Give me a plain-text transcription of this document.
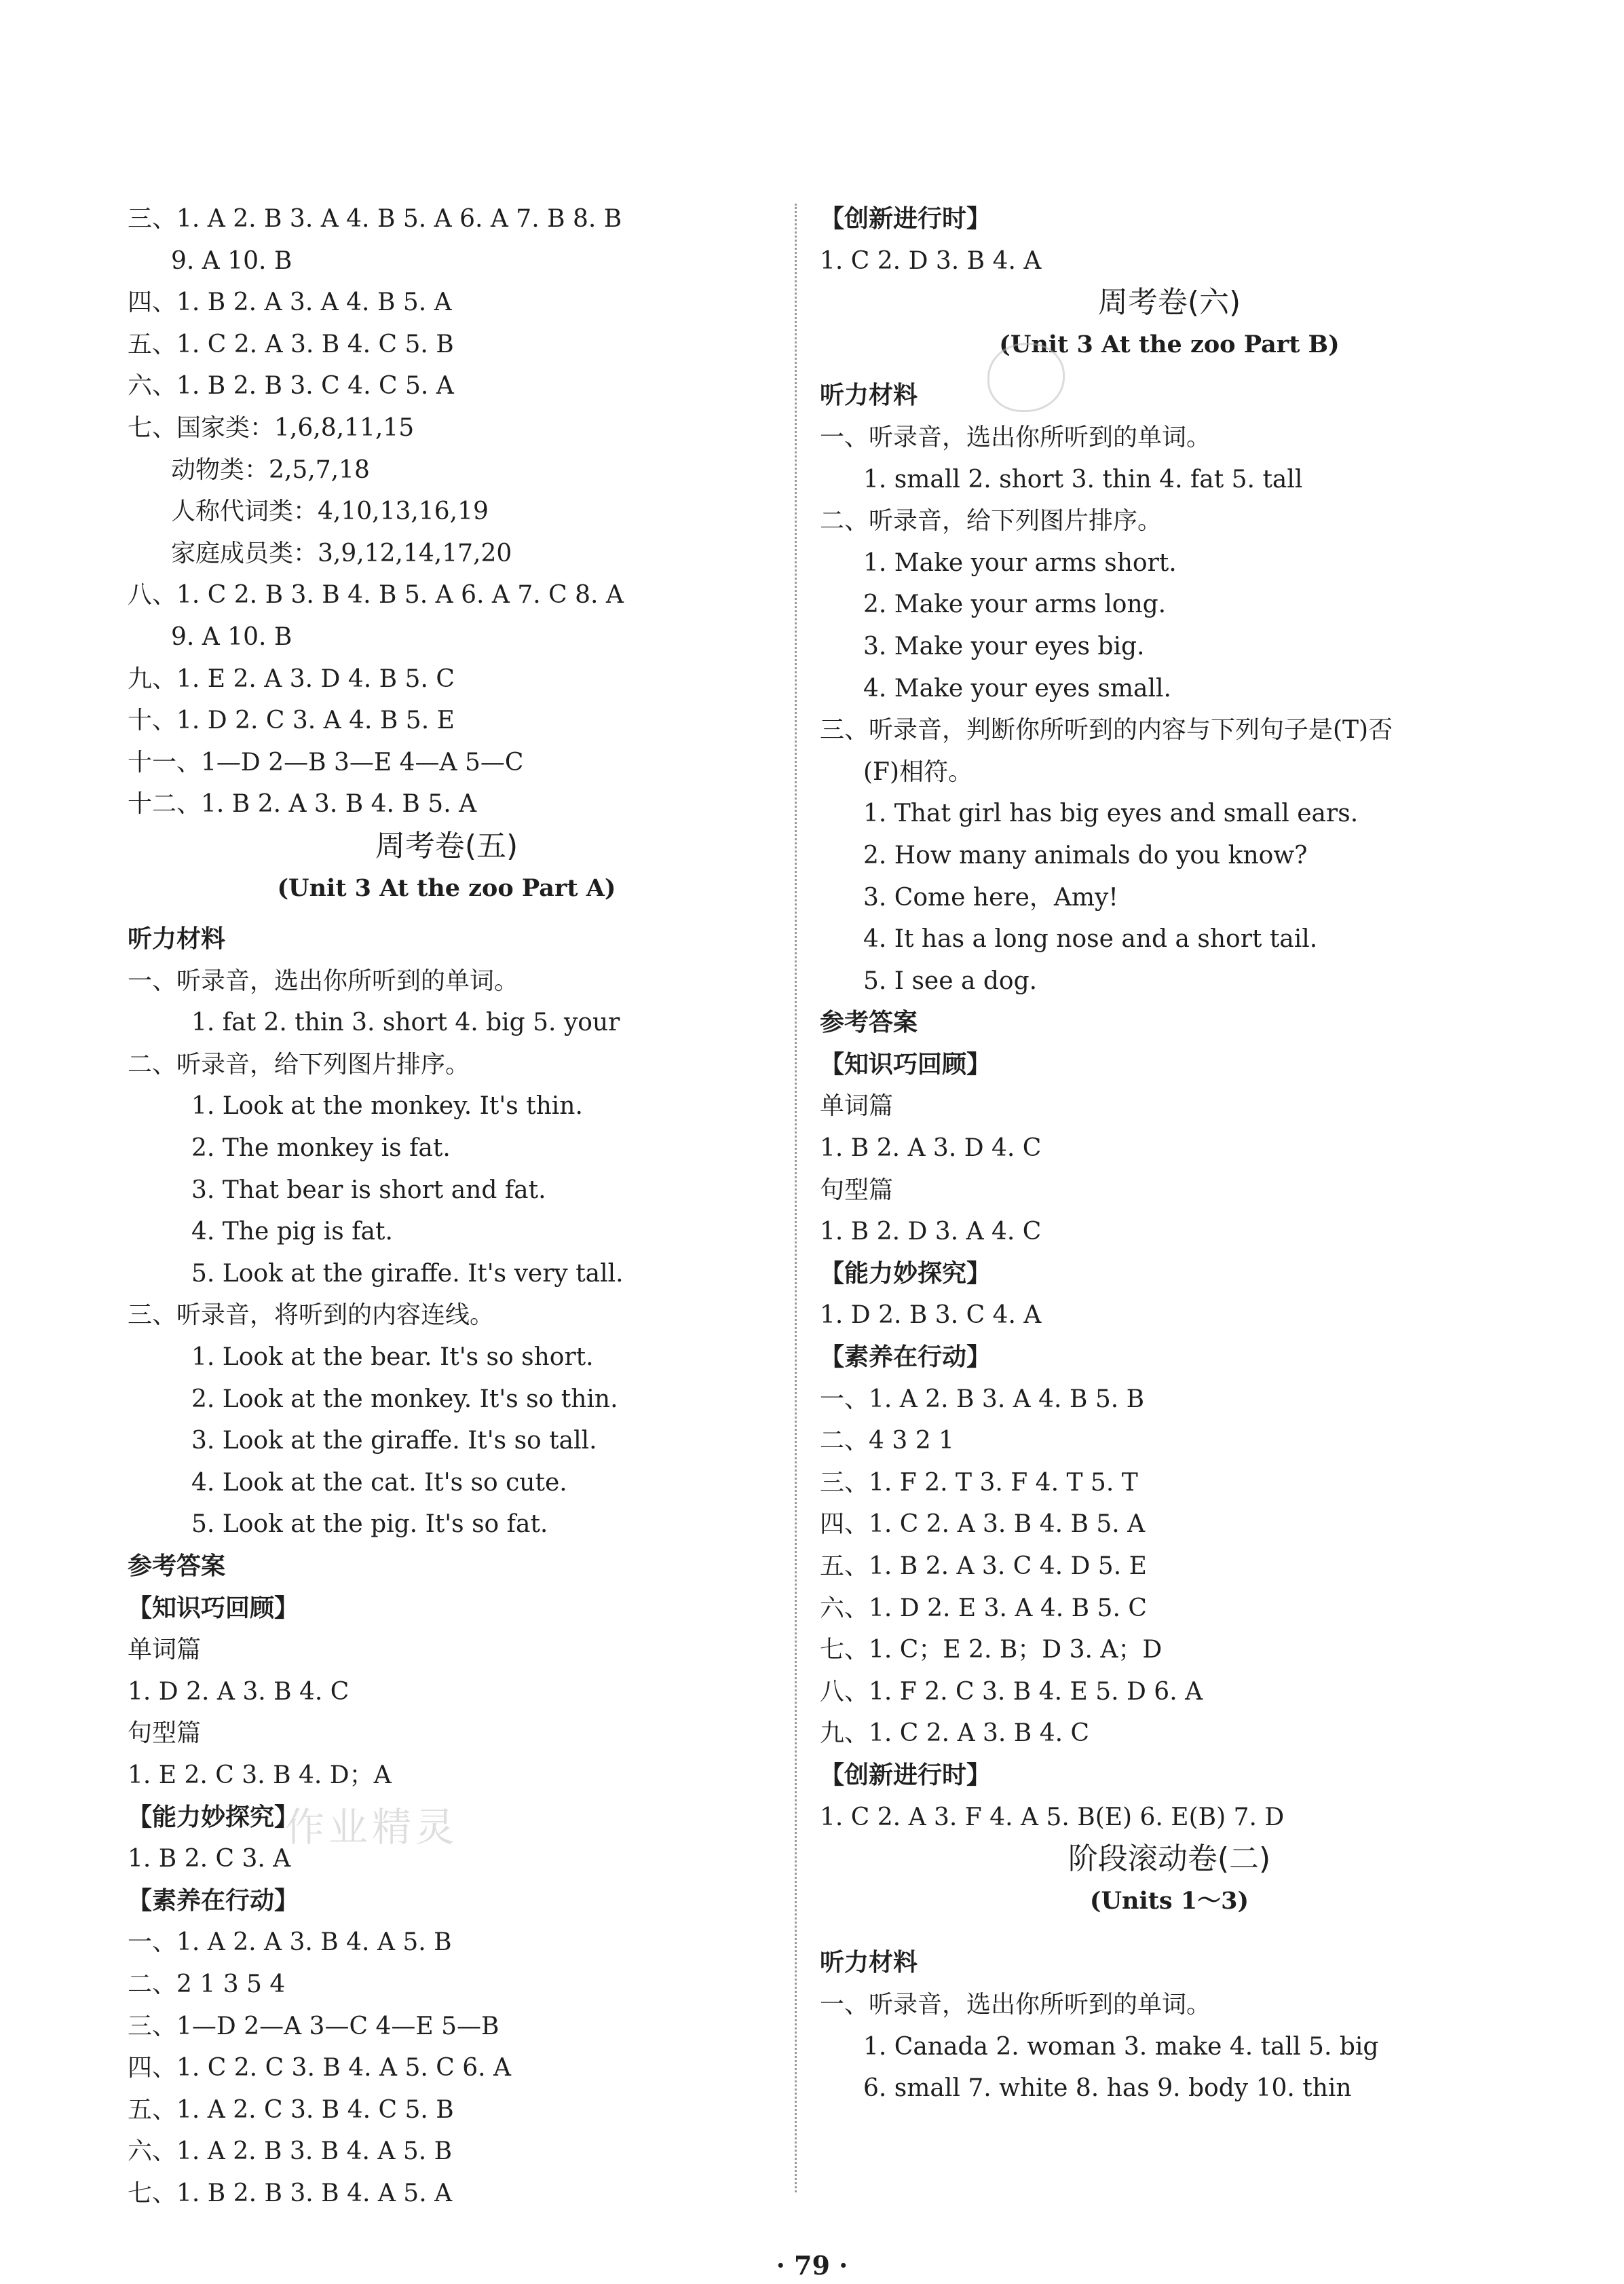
三、1. A 2. B 3. A 4. B 5. A 6. A 7. B 8. B
9. A 10. B
四、1. B 2. A 3. A 4. B 5. A
五、1. C 2. A 3. B 4. C 5. B
六、1. B 2. B 3. C 4. C 5. A
七、国家类：1,6,8,11,15
动物类：2,5,7,18
人称代词类：4,10,13,16,19
家庭成员类：3,9,12,14,17,20
八、1. C 2. B 3. B 4. B 5. A 6. A 7. C 8. A
9. A 10. B
九、1. E 2. A 3. D 4. B 5. C
十、1. D 2. C 3. A 4. B 5. E
十一、1—D 2—B 3—E 4—A 5—C
十二、1. B 2. A 3. B 4. B 5. A
周考卷(五)
(Unit 3 At the zoo Part A)
听力材料
一、听录音，选出你所听到的单词。
1. fat 2. thin 3. short 4. big 5. your
二、听录音，给下列图片排序。
1. Look at the monkey. It's thin.
2. The monkey is fat.
3. That bear is short and fat.
4. The pig is fat.
5. Look at the giraffe. It's very tall.
三、听录音，将听到的内容连线。
1. Look at the bear. It's so short.
2. Look at the monkey. It's so thin.
3. Look at the giraffe. It's so tall.
4. Look at the cat. It's so cute.
5. Look at the pig. It's so fat.
参考答案
【知识巧回顾】
单词篇
1. D 2. A 3. B 4. C
句型篇
1. E 2. C 3. B 4. D；A
【能力妙探究】
1. B 2. C 3. A
【素养在行动】
一、1. A 2. A 3. B 4. A 5. B
二、2 1 3 5 4
三、1—D 2—A 3—C 4—E 5—B
四、1. C 2. C 3. B 4. A 5. C 6. A
五、1. A 2. C 3. B 4. C 5. B
六、1. A 2. B 3. B 4. A 5. B
七、1. B 2. B 3. B 4. A 5. A
【创新进行时】
1. C 2. D 3. B 4. A
周考卷(六)
(Unit 3 At the zoo Part B)
听力材料
一、听录音，选出你所听到的单词。
1. small 2. short 3. thin 4. fat 5. tall
二、听录音，给下列图片排序。
1. Make your arms short.
2. Make your arms long.
3. Make your eyes big.
4. Make your eyes small.
三、听录音，判断你所听到的内容与下列句子是(T)否
(F)相符。
1. That girl has big eyes and small ears.
2. How many animals do you know?
3. Come here，Amy!
4. It has a long nose and a short tail.
5. I see a dog.
参考答案
【知识巧回顾】
单词篇
1. B 2. A 3. D 4. C
句型篇
1. B 2. D 3. A 4. C
【能力妙探究】
1. D 2. B 3. C 4. A
【素养在行动】
一、1. A 2. B 3. A 4. B 5. B
二、4 3 2 1
三、1. F 2. T 3. F 4. T 5. T
四、1. C 2. A 3. B 4. B 5. A
五、1. B 2. A 3. C 4. D 5. E
六、1. D 2. E 3. A 4. B 5. C
七、1. C；E 2. B；D 3. A；D
八、1. F 2. C 3. B 4. E 5. D 6. A
九、1. C 2. A 3. B 4. C
【创新进行时】
1. C 2. A 3. F 4. A 5. B(E) 6. E(B) 7. D
阶段滚动卷(二)
(Units 1～3)
听力材料
一、听录音，选出你所听到的单词。
1. Canada 2. woman 3. make 4. tall 5. big
6. small 7. white 8. has 9. body 10. thin
作业精灵
· 79 ·
